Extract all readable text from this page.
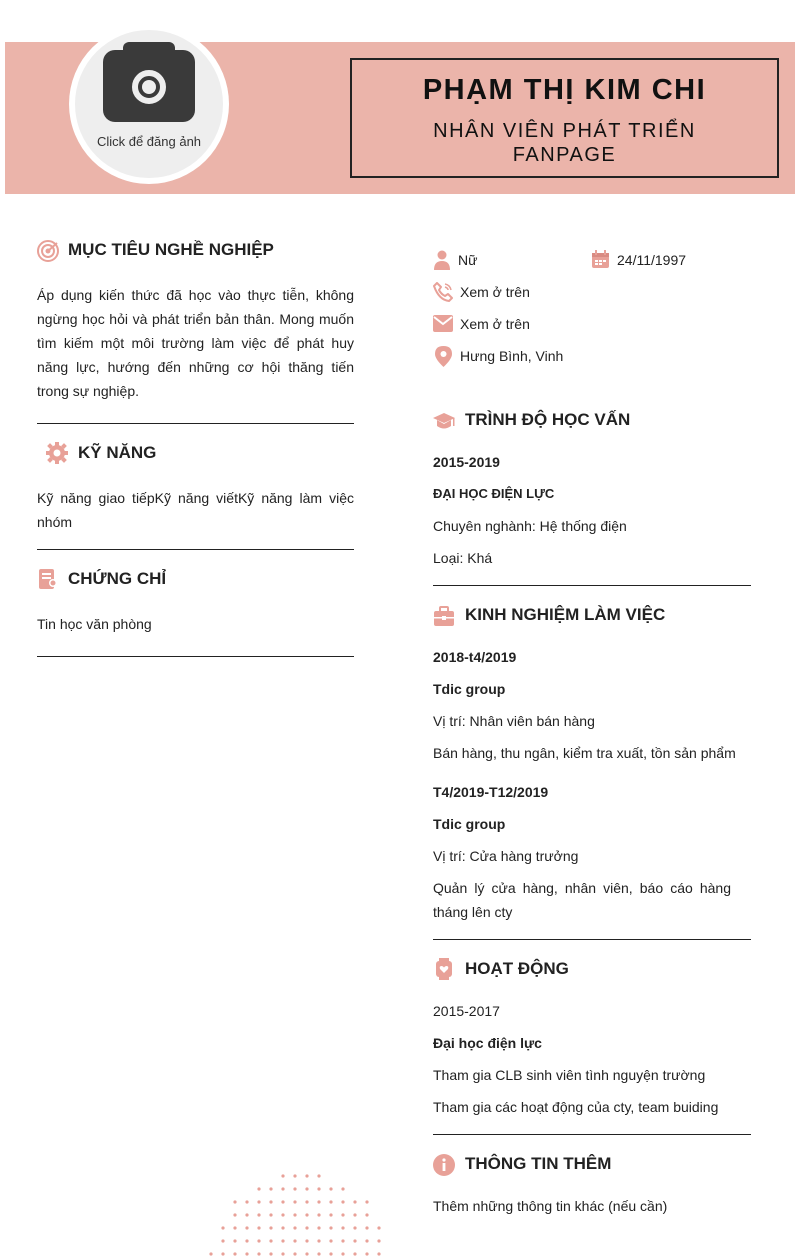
Click để đăng ảnh
PHẠM THỊ KIM CHI
NHÂN VIÊN PHÁT TRIỂN FANPAGE
MỤC TIÊU NGHỀ NGHIỆP
Áp dụng kiến thức đã học vào thực tiễn, không ngừng học hỏi và phát triển bản thân. Mong muốn tìm kiếm một môi trường làm việc để phát huy năng lực, hướng đến những cơ hội thăng tiến trong sự nghiệp.
KỸ NĂNG
Kỹ năng giao tiếpKỹ năng viếtKỹ năng làm việc nhóm
CHỨNG CHỈ
Tin học văn phòng
Nữ	24/11/1997
Xem ở trên
Xem ở trên
Hưng Bình, Vinh
TRÌNH ĐỘ HỌC VẤN
2015-2019
ĐẠI HỌC ĐIỆN LỰC
Chuyên nghành: Hệ thống điện
Loại: Khá
KINH NGHIỆM LÀM VIỆC
2018-t4/2019
Tdic group
Vị trí: Nhân viên bán hàng
Bán hàng, thu ngân, kiểm tra xuất, tồn sản phẩm
T4/2019-T12/2019
Tdic group
Vị trí: Cửa hàng trưởng
Quản lý cửa hàng, nhân viên, báo cáo hàng tháng lên cty
HOẠT ĐỘNG
2015-2017
Đại học điện lực
Tham gia CLB sinh viên tình nguyện trường
Tham gia các hoạt động của cty, team buiding
THÔNG TIN THÊM
Thêm những thông tin khác (nếu cần)
